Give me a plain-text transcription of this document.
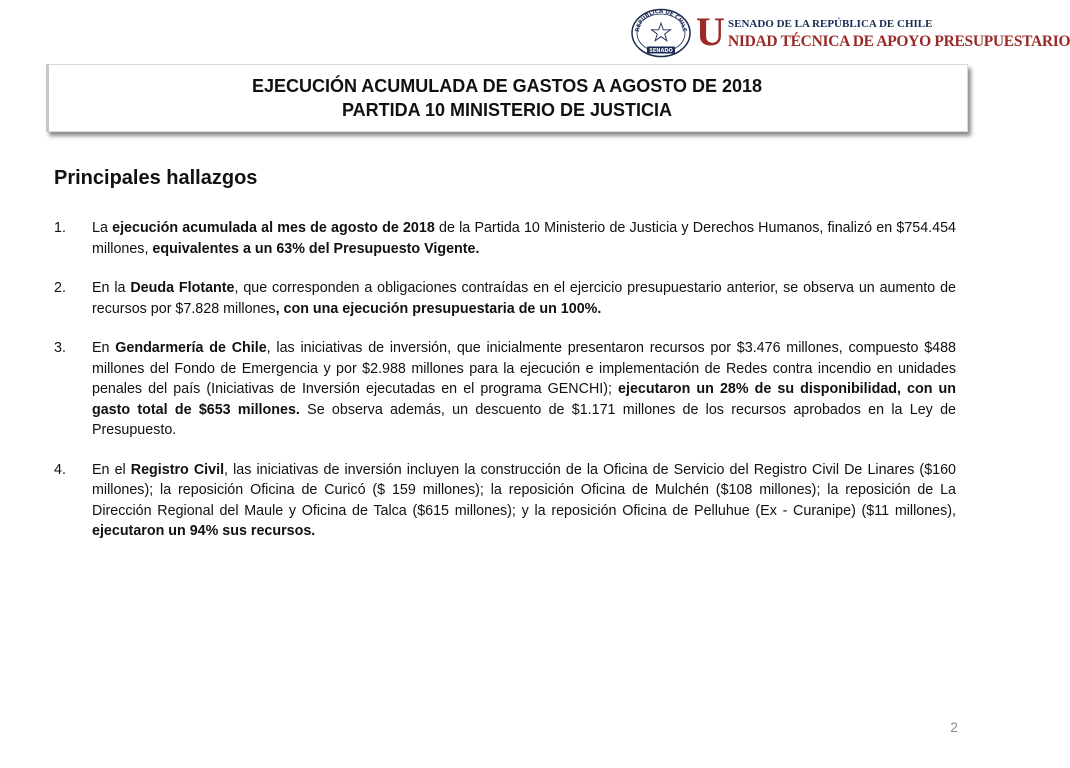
REPÚBLICA DE CHILE
SENADO U SENADO DE LA REPÚBLICA DE CHILE
NIDAD TÉCNICA DE APOYO PRESUPUESTARIO
EJECUCIÓN ACUMULADA DE GASTOS A AGOSTO DE 2018
PARTIDA 10 MINISTERIO DE JUSTICIA
Principales hallazgos
1. La ejecución acumulada al mes de agosto de 2018 de la Partida 10 Ministerio de Justicia y Derechos Humanos, finalizó en $754.454 millones, equivalentes a un 63% del Presupuesto Vigente.
2. En la Deuda Flotante, que corresponden a obligaciones contraídas en el ejercicio presupuestario anterior, se observa un aumento de recursos por $7.828 millones, con una ejecución presupuestaria de un 100%.
3. En Gendarmería de Chile, las iniciativas de inversión, que inicialmente presentaron recursos por $3.476 millones, compuesto $488 millones del Fondo de Emergencia y por $2.988 millones para la ejecución e implementación de Redes contra incendio en unidades penales del país (Iniciativas de Inversión ejecutadas en el programa GENCHI); ejecutaron un 28% de su disponibilidad, con un gasto total de $653 millones. Se observa además, un descuento de $1.171 millones de los recursos aprobados en la Ley de Presupuesto.
4. En el Registro Civil, las iniciativas de inversión incluyen la construcción de la Oficina de Servicio del Registro Civil De Linares ($160 millones); la reposición Oficina de Curicó ($ 159 millones); la reposición Oficina de Mulchén ($108 millones); la reposición de La Dirección Regional del Maule y Oficina de Talca ($615 millones); y la reposición Oficina de Pelluhue (Ex - Curanipe) ($11 millones), ejecutaron un 94% sus recursos.
2
